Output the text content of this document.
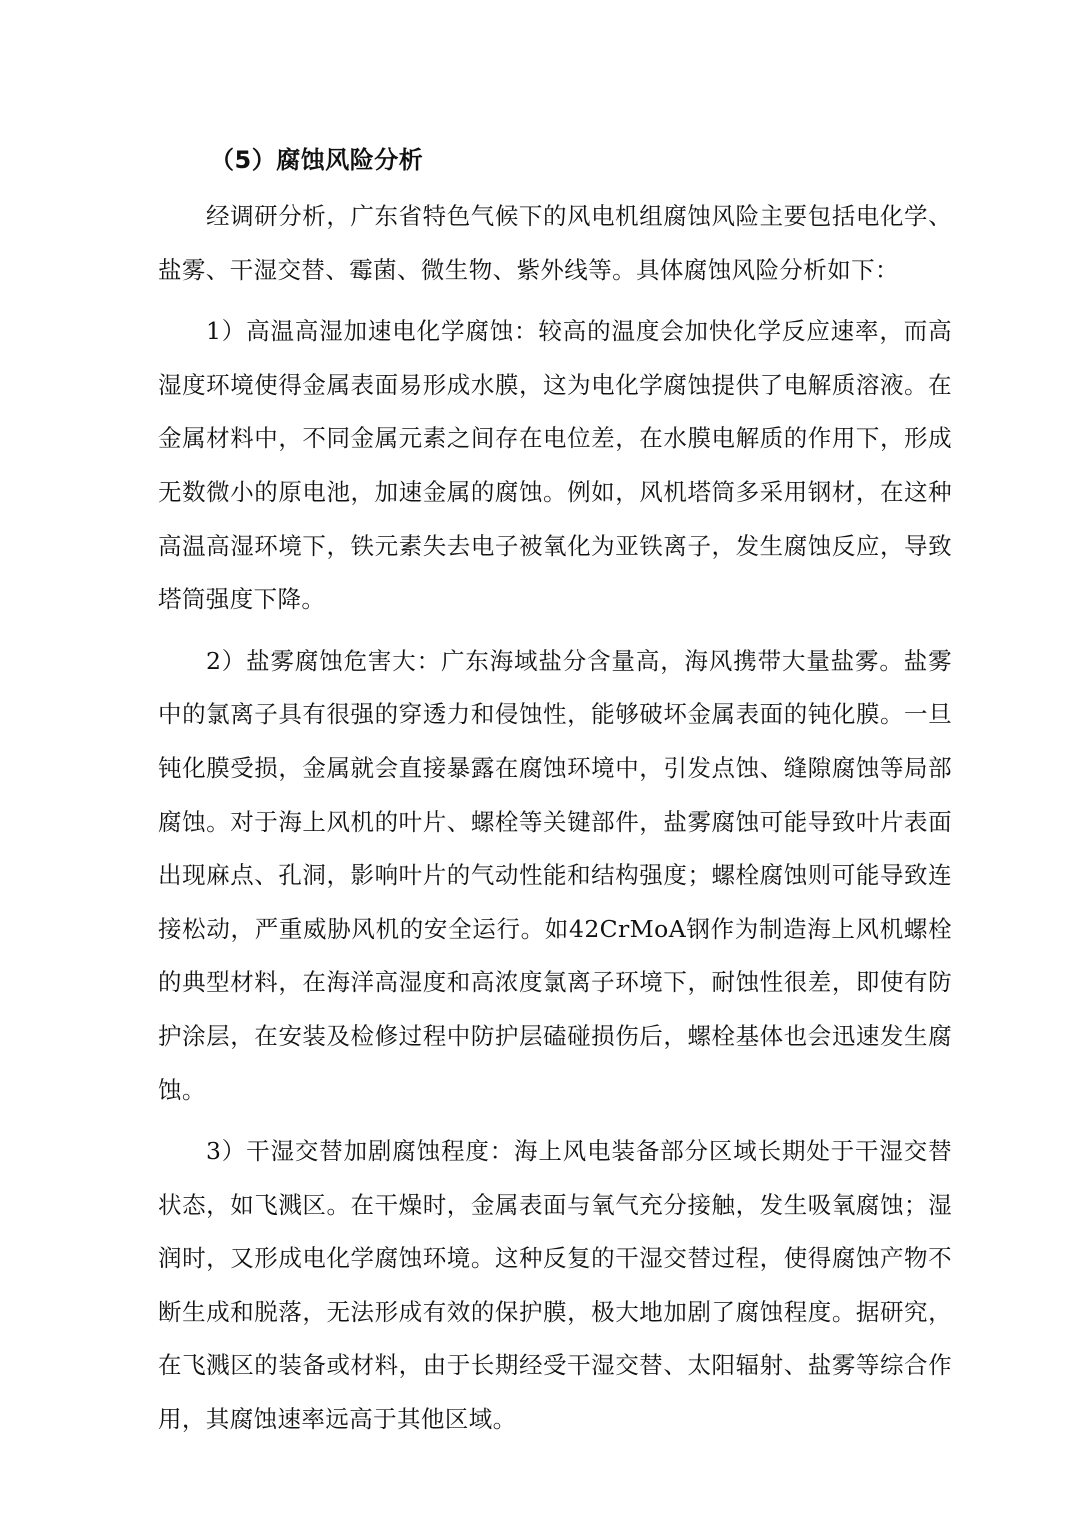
（5）腐蚀风险分析

经调研分析，广东省特色气候下的风电机组腐蚀风险主要包括电化学、盐雾、干湿交替、霉菌、微生物、紫外线等。具体腐蚀风险分析如下：

1）高温高湿加速电化学腐蚀：较高的温度会加快化学反应速率，而高湿度环境使得金属表面易形成水膜，这为电化学腐蚀提供了电解质溶液。在金属材料中，不同金属元素之间存在电位差，在水膜电解质的作用下，形成无数微小的原电池，加速金属的腐蚀。例如，风机塔筒多采用钢材，在这种高温高湿环境下，铁元素失去电子被氧化为亚铁离子，发生腐蚀反应，导致塔筒强度下降。

2）盐雾腐蚀危害大：广东海域盐分含量高，海风携带大量盐雾。盐雾中的氯离子具有很强的穿透力和侵蚀性，能够破坏金属表面的钝化膜。一旦钝化膜受损，金属就会直接暴露在腐蚀环境中，引发点蚀、缝隙腐蚀等局部腐蚀。对于海上风机的叶片、螺栓等关键部件，盐雾腐蚀可能导致叶片表面出现麻点、孔洞，影响叶片的气动性能和结构强度；螺栓腐蚀则可能导致连接松动，严重威胁风机的安全运行。如42CrMoA钢作为制造海上风机螺栓的典型材料，在海洋高湿度和高浓度氯离子环境下，耐蚀性很差，即使有防护涂层，在安装及检修过程中防护层磕碰损伤后，螺栓基体也会迅速发生腐蚀。

3）干湿交替加剧腐蚀程度：海上风电装备部分区域长期处于干湿交替状态，如飞溅区。在干燥时，金属表面与氧气充分接触，发生吸氧腐蚀；湿润时，又形成电化学腐蚀环境。这种反复的干湿交替过程，使得腐蚀产物不断生成和脱落，无法形成有效的保护膜，极大地加剧了腐蚀程度。据研究，在飞溅区的装备或材料，由于长期经受干湿交替、太阳辐射、盐雾等综合作用，其腐蚀速率远高于其他区域。
